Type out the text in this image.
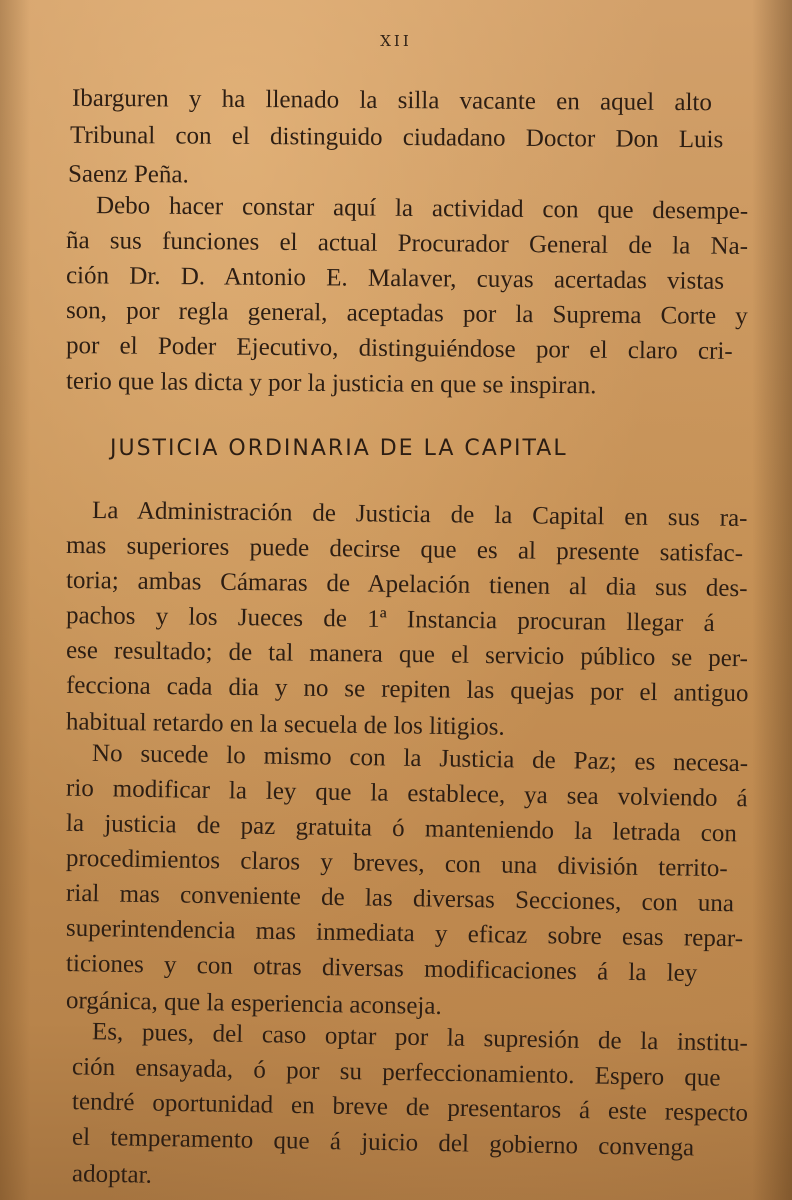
XII
Ibarguren y ha llenado la silla vacante en aquel alto
Tribunal con el distinguido ciudadano Doctor Don Luis
Saenz Peña.
Debo hacer constar aquí la actividad con que desempe-
ña sus funciones el actual Procurador General de la Na-
ción Dr. D. Antonio E. Malaver, cuyas acertadas vistas
son, por regla general, aceptadas por la Suprema Corte y
por el Poder Ejecutivo, distinguiéndose por el claro cri-
terio que las dicta y por la justicia en que se inspiran.
JUSTICIA ORDINARIA DE LA CAPITAL
La Administración de Justicia de la Capital en sus ra-
mas superiores puede decirse que es al presente satisfac-
toria; ambas Cámaras de Apelación tienen al dia sus des-
pachos y los Jueces de 1ª Instancia procuran llegar á
ese resultado; de tal manera que el servicio público se per-
fecciona cada dia y no se repiten las quejas por el antiguo
habitual retardo en la secuela de los litigios.
No sucede lo mismo con la Justicia de Paz; es necesa-
rio modificar la ley que la establece, ya sea volviendo á
la justicia de paz gratuita ó manteniendo la letrada con
procedimientos claros y breves, con una división territo-
rial mas conveniente de las diversas Secciones, con una
superintendencia mas inmediata y eficaz sobre esas repar-
ticiones y con otras diversas modificaciones á la ley
orgánica, que la esperiencia aconseja.
Es, pues, del caso optar por la supresión de la institu-
ción ensayada, ó por su perfeccionamiento. Espero que
tendré oportunidad en breve de presentaros á este respecto
el temperamento que á juicio del gobierno convenga
adoptar.
